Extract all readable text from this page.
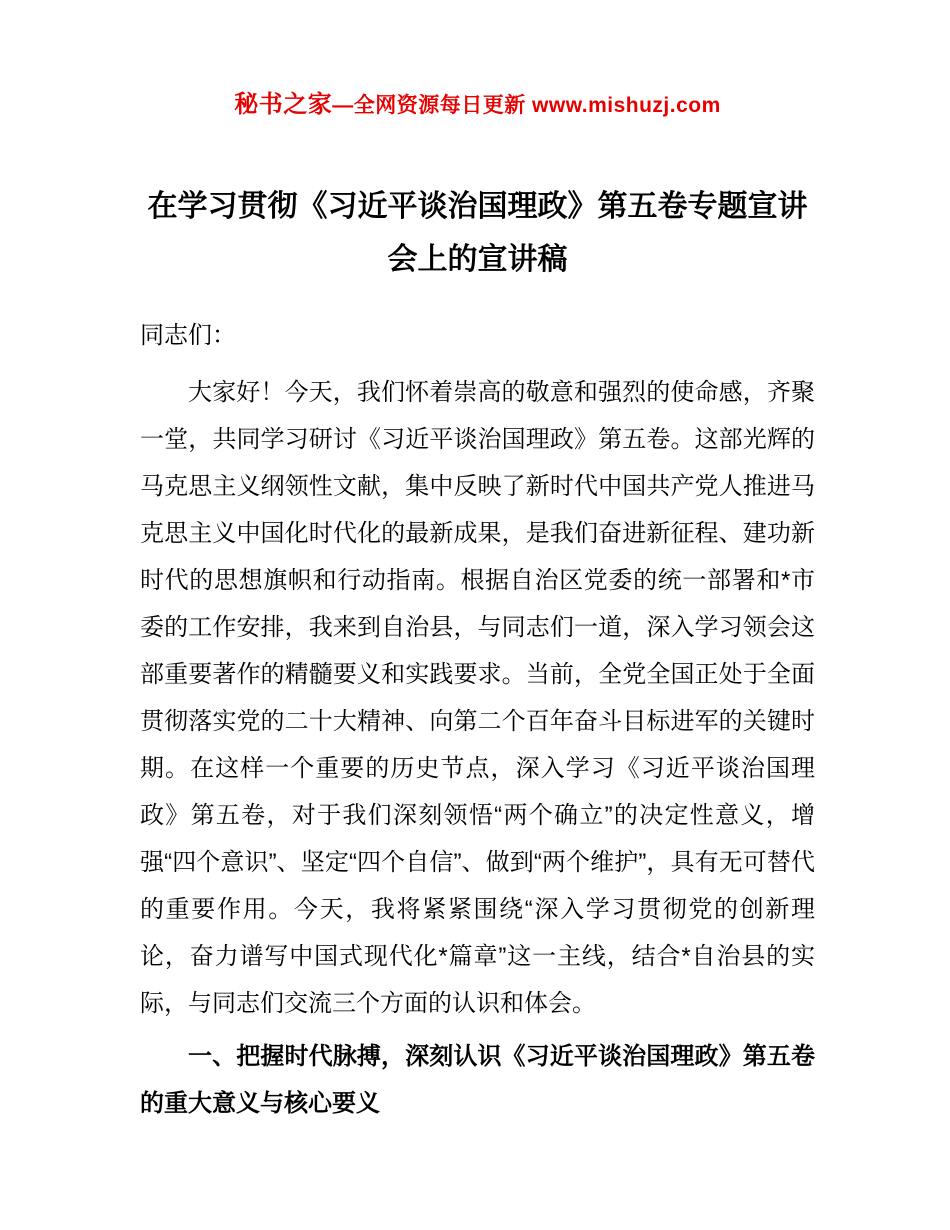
秘书之家—全网资源每日更新 www.mishuzj.com
在学习贯彻《习近平谈治国理政》第五卷专题宣讲会上的宣讲稿

同志们：

大家好！今天，我们怀着崇高的敬意和强烈的使命感，齐聚一堂，共同学习研讨《习近平谈治国理政》第五卷。这部光辉的马克思主义纲领性文献，集中反映了新时代中国共产党人推进马克思主义中国化时代化的最新成果，是我们奋进新征程、建功新时代的思想旗帜和行动指南。根据自治区党委的统一部署和*市委的工作安排，我来到自治县，与同志们一道，深入学习领会这部重要著作的精髓要义和实践要求。当前，全党全国正处于全面贯彻落实党的二十大精神、向第二个百年奋斗目标进军的关键时期。在这样一个重要的历史节点，深入学习《习近平谈治国理政》第五卷，对于我们深刻领悟“两个确立”的决定性意义，增强“四个意识”、坚定“四个自信”、做到“两个维护”，具有无可替代的重要作用。今天，我将紧紧围绕“深入学习贯彻党的创新理论，奋力谱写中国式现代化*篇章”这一主线，结合*自治县的实际，与同志们交流三个方面的认识和体会。

一、把握时代脉搏，深刻认识《习近平谈治国理政》第五卷的重大意义与核心要义
